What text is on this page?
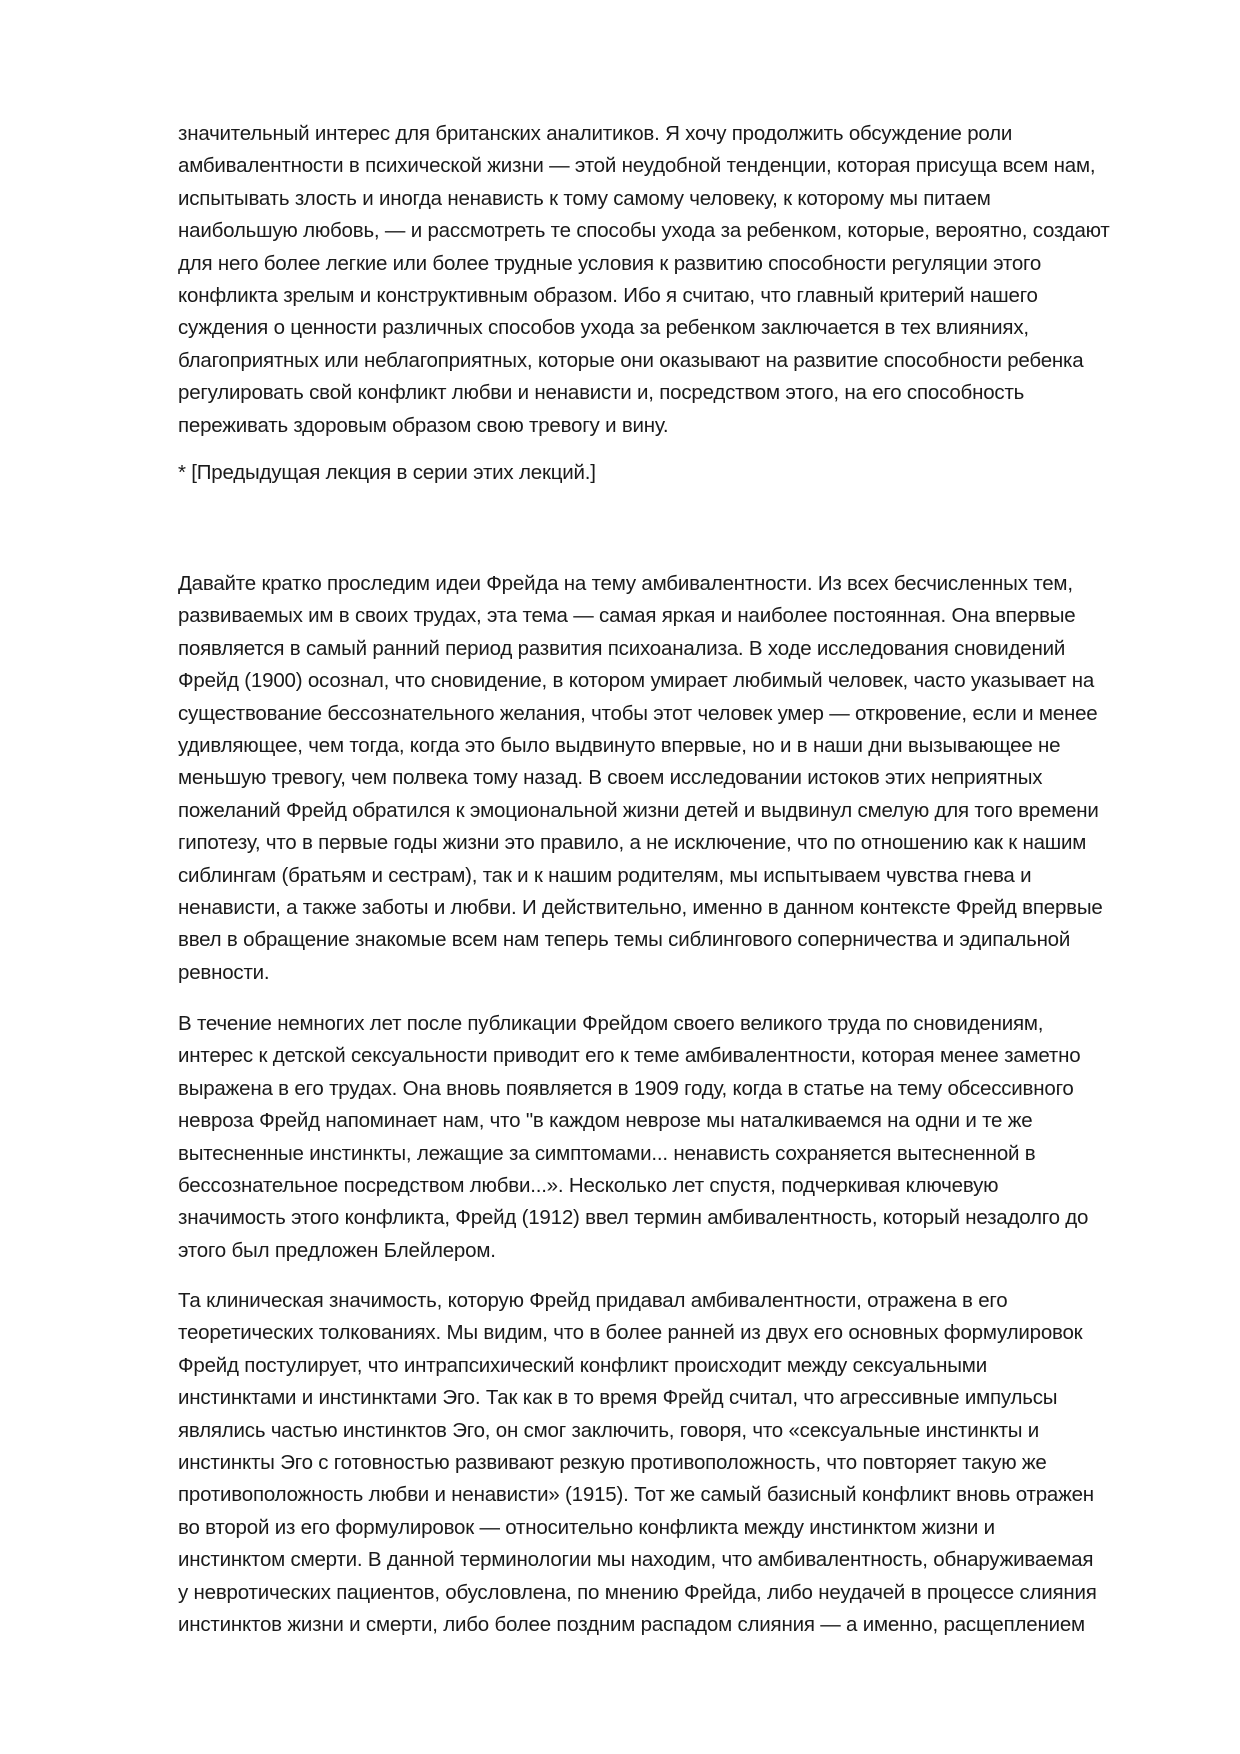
значительный интерес для британских аналитиков. Я хочу продолжить обсуждение роли
амбивалентности в психической жизни — этой неудобной тенденции, которая присуща всем нам,
испытывать злость и иногда ненависть к тому самому человеку, к которому мы питаем
наибольшую любовь, — и рассмотреть те способы ухода за ребенком, которые, вероятно, создают
для него более легкие или более трудные условия к развитию способности регуляции этого
конфликта зрелым и конструктивным образом. Ибо я считаю, что главный критерий нашего
суждения о ценности различных способов ухода за ребенком заключается в тех влияниях,
благоприятных или неблагоприятных, которые они оказывают на развитие способности ребенка
регулировать свой конфликт любви и ненависти и, посредством этого, на его способность
переживать здоровым образом свою тревогу и вину.

* [Предыдущая лекция в серии этих лекций.]

Давайте кратко проследим идеи Фрейда на тему амбивалентности. Из всех бесчисленных тем,
развиваемых им в своих трудах, эта тема — самая яркая и наиболее постоянная. Она впервые
появляется в самый ранний период развития психоанализа. В ходе исследования сновидений
Фрейд (1900) осознал, что сновидение, в котором умирает любимый человек, часто указывает на
существование бессознательного желания, чтобы этот человек умер — откровение, если и менее
удивляющее, чем тогда, когда это было выдвинуто впервые, но и в наши дни вызывающее не
меньшую тревогу, чем полвека тому назад. В своем исследовании истоков этих неприятных
пожеланий Фрейд обратился к эмоциональной жизни детей и выдвинул смелую для того времени
гипотезу, что в первые годы жизни это правило, а не исключение, что по отношению как к нашим
сиблингам (братьям и сестрам), так и к нашим родителям, мы испытываем чувства гнева и
ненависти, а также заботы и любви. И действительно, именно в данном контексте Фрейд впервые
ввел в обращение знакомые всем нам теперь темы сиблингового соперничества и эдипальной
ревности.

В течение немногих лет после публикации Фрейдом своего великого труда по сновидениям,
интерес к детской сексуальности приводит его к теме амбивалентности, которая менее заметно
выражена в его трудах. Она вновь появляется в 1909 году, когда в статье на тему обсессивного
невроза Фрейд напоминает нам, что "в каждом неврозе мы наталкиваемся на одни и те же
вытесненные инстинкты, лежащие за симптомами... ненависть сохраняется вытесненной в
бессознательное посредством любви...». Несколько лет спустя, подчеркивая ключевую
значимость этого конфликта, Фрейд (1912) ввел термин амбивалентность, который незадолго до
этого был предложен Блейлером.

Та клиническая значимость, которую Фрейд придавал амбивалентности, отражена в его
теоретических толкованиях. Мы видим, что в более ранней из двух его основных формулировок
Фрейд постулирует, что интрапсихический конфликт происходит между сексуальными
инстинктами и инстинктами Эго. Так как в то время Фрейд считал, что агрессивные импульсы
являлись частью инстинктов Эго, он смог заключить, говоря, что «сексуальные инстинкты и
инстинкты Эго с готовностью развивают резкую противоположность, что повторяет такую же
противоположность любви и ненависти» (1915). Тот же самый базисный конфликт вновь отражен
во второй из его формулировок — относительно конфликта между инстинктом жизни и
инстинктом смерти. В данной терминологии мы находим, что амбивалентность, обнаруживаемая
у невротических пациентов, обусловлена, по мнению Фрейда, либо неудачей в процессе слияния
инстинктов жизни и смерти, либо более поздним распадом слияния — а именно, расщеплением
